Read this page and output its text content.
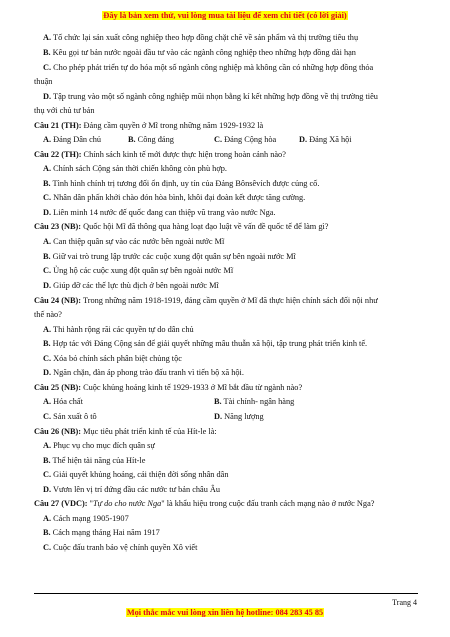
Đây là bản xem thử, vui lòng mua tài liệu để xem chi tiết (có lời giải)
A. Tố chức lại sản xuất công nghiệp theo hợp đồng chặt chẽ về sản phẩm và thị trường tiêu thụ
B. Kêu gọi tư bản nước ngoài đầu tư vào các ngành công nghiệp theo những hợp đồng dài hạn
C. Cho phép phát triển tự do hóa một số ngành công nghiệp mà không cần có những hợp đồng thỏa
thuận
D. Tập trung vào một số ngành công nghiệp mũi nhọn bằng kí kết những hợp đồng về thị trường tiêu
thụ với chủ tư bản
Câu 21 (TH): Đảng cầm quyền ở Mĩ trong những năm 1929-1932 là
Câu 22 (TH): Chính sách kinh tế mới được thực hiện trong hoàn cảnh nào?
A. Chính sách Cộng sản thời chiến không còn phù hợp.
B. Tình hình chính trị tương đối ổn định, uy tín của Đảng Bônsêvích được củng cố.
C. Nhân dân phấn khởi chào đón hòa bình, khôi đại đoàn kết được tăng cường.
D. Liên minh 14 nước đế quốc đang can thiệp vũ trang vào nước Nga.
Câu 23 (NB): Quốc hội Mĩ đã thông qua hàng loạt đạo luật về vấn đề quốc tế để làm gì?
A. Can thiệp quân sự vào các nước bên ngoài nước Mĩ
B. Giữ vai trò trung lập trước các cuộc xung đột quân sự bên ngoài nước Mĩ
C. Ủng hộ các cuộc xung đột quân sự bên ngoài nước Mĩ
D. Giúp đỡ các thế lực thù địch ở bên ngoài nước Mĩ
Câu 24 (NB): Trong những năm 1918-1919, đảng cầm quyền ở Mĩ đã thực hiện chính sách đối nội như
thế nào?
A. Thi hành rộng rãi các quyền tự do dân chủ
B. Hợp tác với Đảng Cộng sản để giải quyết những mâu thuẫn xã hội, tập trung phát triển kinh tế.
C. Xóa bỏ chính sách phân biệt chủng tộc
D. Ngăn chặn, đàn áp phong trào đấu tranh vì tiến bộ xã hội.
Câu 25 (NB): Cuộc khủng hoảng kinh tế 1929-1933 ở Mĩ bắt đầu từ ngành nào?
Câu 26 (NB): Mục tiêu phát triển kinh tế của Hít-le là:
A. Phục vụ cho mục đích quân sự
B. Thể hiện tài năng của Hít-le
C. Giải quyết khủng hoảng, cải thiện đời sống nhân dân
D. Vươn lên vị trí đứng đầu các nước tư bản châu Âu
A. Cách mạng 1905-1907
B. Cách mạng tháng Hai năm 1917
C. Cuộc đấu tranh bảo vệ chính quyền Xô viết
A. Đảng Dân chủ	B. Công đảng	C. Đảng Cộng hòa	D. Đảng Xã hội
A. Hóa chất	B. Tài chính- ngân hàng
C. Sản xuất ô tô	D. Năng lượng
Câu 27 (VDC): "Tự do cho nước Nga" là khẩu hiệu trong cuộc đấu tranh cách mạng nào ở nước Nga?
Trang 4
Mọi thắc mắc vui lòng xin liên hệ hotline: 084 283 45 85
